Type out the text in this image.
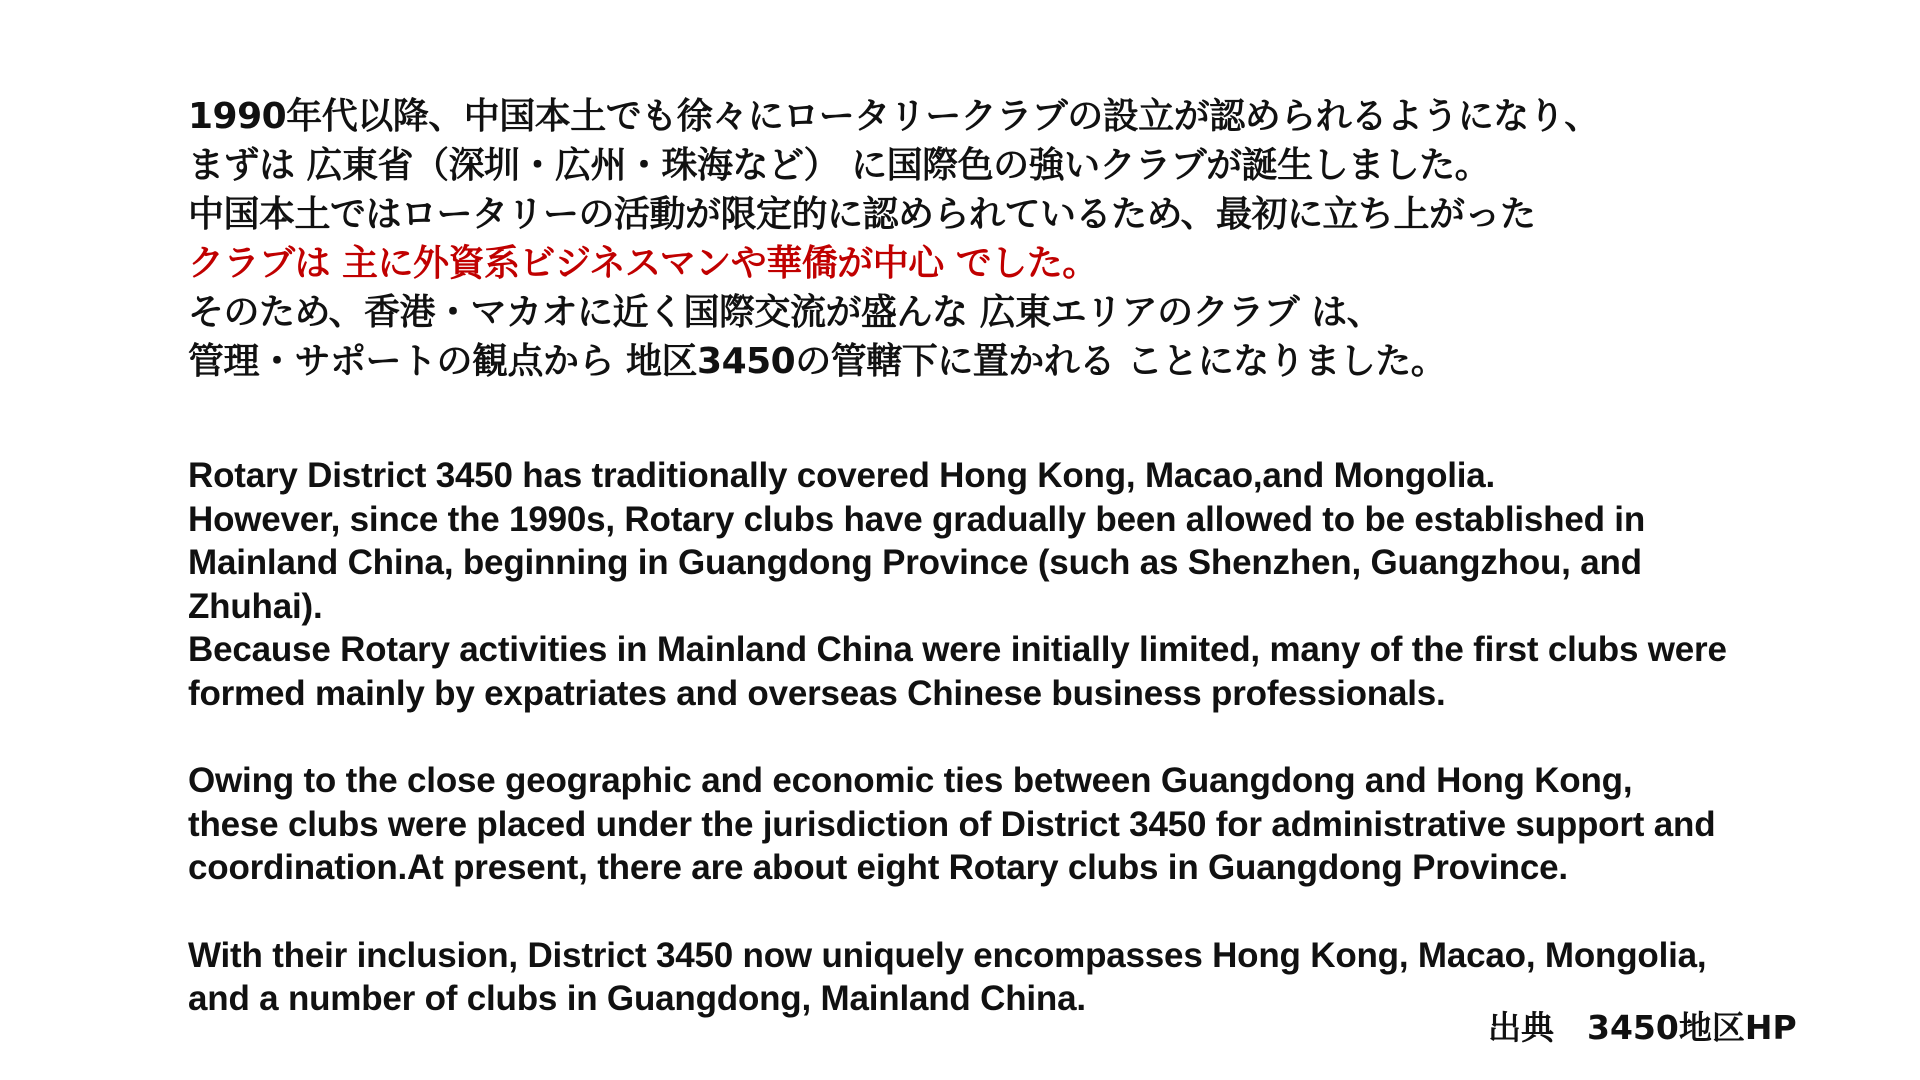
1990年代以降、中国本土でも徐々にロータリークラブの設立が認められるようになり、
まずは 広東省（深圳・広州・珠海など） に国際色の強いクラブが誕生しました。
中国本土ではロータリーの活動が限定的に認められているため、最初に立ち上がった
クラブは 主に外資系ビジネスマンや華僑が中心 でした。
そのため、香港・マカオに近く国際交流が盛んな 広東エリアのクラブ は、
管理・サポートの観点から 地区3450の管轄下に置かれる ことになりました。
Rotary District 3450 has traditionally covered Hong Kong, Macao,and Mongolia.
However, since the 1990s, Rotary clubs have gradually been allowed to be established in
Mainland China, beginning in Guangdong Province (such as Shenzhen, Guangzhou, and
Zhuhai).
Because Rotary activities in Mainland China were initially limited, many of the first clubs were
formed mainly by expatriates and overseas Chinese business professionals.
Owing to the close geographic and economic ties between Guangdong and Hong Kong,
these clubs were placed under the jurisdiction of District 3450 for administrative support and
coordination.At present, there are about eight Rotary clubs in Guangdong Province.
With their inclusion, District 3450 now uniquely encompasses Hong Kong, Macao, Mongolia,
and a number of clubs in Guangdong, Mainland China.
出典　3450地区HP
